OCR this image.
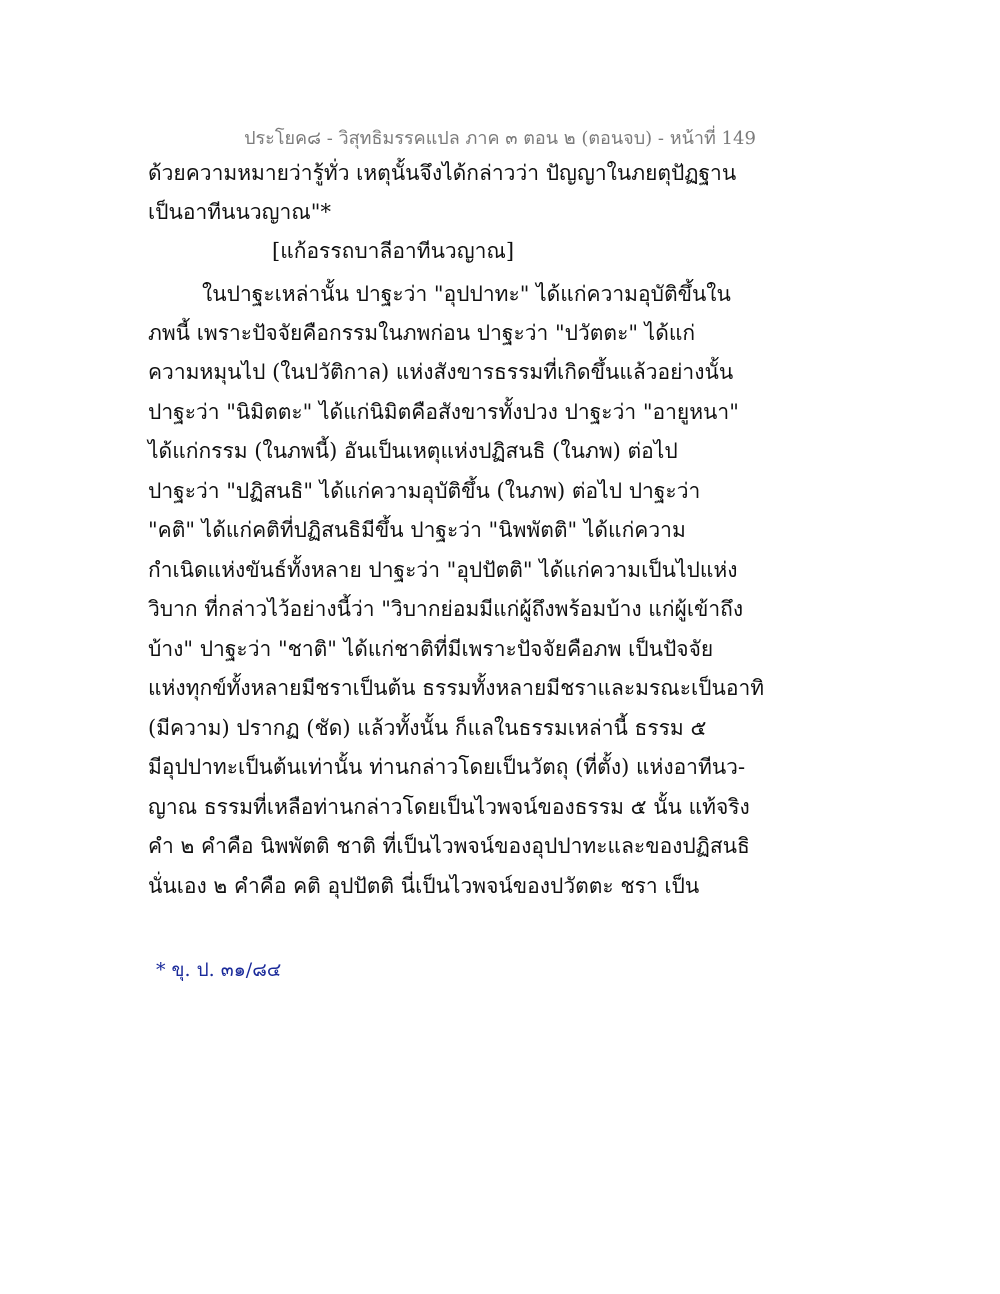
ประโยค๘ - วิสุทธิมรรคแปล ภาค ๓ ตอน ๒ (ตอนจบ) - หน้าที่ 149
ด้วยความหมายว่ารู้ทั่ว เหตุนั้นจึงได้กล่าวว่า ปัญญาในภยตุปัฏฐาน
เป็นอาทีนนวญาณ"*
[แก้อรรถบาลีอาทีนวญาณ]
ในปาฐะเหล่านั้น ปาฐะว่า "อุปปาทะ" ได้แก่ความอุบัติขึ้นใน
ภพนี้ เพราะปัจจัยคือกรรมในภพก่อน ปาฐะว่า "ปวัตตะ" ได้แก่
ความหมุนไป (ในปวัติกาล) แห่งสังขารธรรมที่เกิดขึ้นแล้วอย่างนั้น
ปาฐะว่า "นิมิตตะ" ได้แก่นิมิตคือสังขารทั้งปวง ปาฐะว่า "อายูหนา"
ได้แก่กรรม (ในภพนี้) อันเป็นเหตุแห่งปฏิสนธิ (ในภพ) ต่อไป
ปาฐะว่า "ปฏิสนธิ" ได้แก่ความอุบัติขึ้น (ในภพ) ต่อไป ปาฐะว่า
"คติ" ได้แก่คติที่ปฏิสนธิมีขึ้น ปาฐะว่า "นิพพัตติ" ได้แก่ความ
กำเนิดแห่งขันธ์ทั้งหลาย ปาฐะว่า "อุปปัตติ" ได้แก่ความเป็นไปแห่ง
วิบาก ที่กล่าวไว้อย่างนี้ว่า "วิบากย่อมมีแก่ผู้ถึงพร้อมบ้าง แก่ผู้เข้าถึง
บ้าง" ปาฐะว่า "ชาติ" ได้แก่ชาติที่มีเพราะปัจจัยคือภพ เป็นปัจจัย
แห่งทุกข์ทั้งหลายมีชราเป็นต้น ธรรมทั้งหลายมีชราและมรณะเป็นอาทิ
(มีความ) ปรากฏ (ชัด) แล้วทั้งนั้น ก็แลในธรรมเหล่านี้ ธรรม ๕
มีอุปปาทะเป็นต้นเท่านั้น ท่านกล่าวโดยเป็นวัตถุ (ที่ตั้ง) แห่งอาทีนว-
ญาณ ธรรมที่เหลือท่านกล่าวโดยเป็นไวพจน์ของธรรม ๕ นั้น แท้จริง
คำ ๒ คำคือ นิพพัตติ ชาติ ที่เป็นไวพจน์ของอุปปาทะและของปฏิสนธิ
นั่นเอง ๒ คำคือ คติ อุปปัตติ นี่เป็นไวพจน์ของปวัตตะ ชรา เป็น
* ขุ. ป. ๓๑/๘๔
